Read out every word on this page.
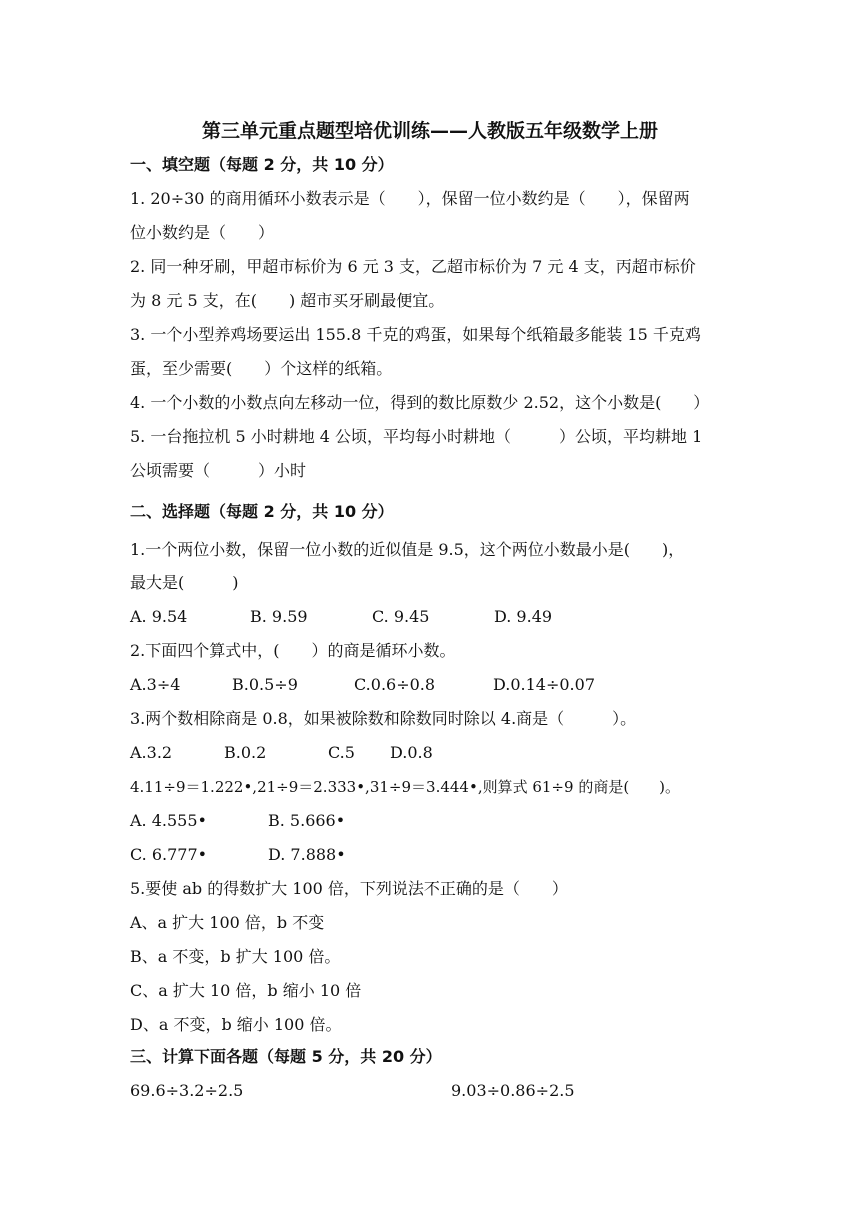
第三单元重点题型培优训练——人教版五年级数学上册
一、填空题（每题 2 分，共 10 分）
1. 20÷30 的商用循环小数表示是（　　），保留一位小数约是（　　），保留两
位小数约是（　　）
2. 同一种牙刷，甲超市标价为 6 元 3 支，乙超市标价为 7 元 4 支，丙超市标价
为 8 元 5 支，在(　　) 超市买牙刷最便宜。
3. 一个小型养鸡场要运出 155.8 千克的鸡蛋，如果每个纸箱最多能装 15 千克鸡
蛋，至少需要(　　）个这样的纸箱。
4. 一个小数的小数点向左移动一位，得到的数比原数少 2.52，这个小数是(　　）
5. 一台拖拉机 5 小时耕地 4 公顷，平均每小时耕地（　　　）公顷，平均耕地 1
公顷需要（　　　）小时
二、选择题（每题 2 分，共 10 分）
1.一个两位小数，保留一位小数的近似值是 9.5，这个两位小数最小是(　　)，
最大是(　　　)
A. 9.54	B. 9.59	C. 9.45	D. 9.49
2.下面四个算式中，(　　）的商是循环小数。
A.3÷4	B.0.5÷9	C.0.6÷0.8	D.0.14÷0.07
3.两个数相除商是 0.8，如果被除数和除数同时除以 4.商是（　　　）。
A.3.2	B.0.2	C.5 D.0.8
4.11÷9＝1.222•,21÷9＝2.333•,31÷9＝3.444•,则算式 61÷9 的商是(　　)。
A. 4.555•	B. 5.666•
C. 6.777•	D. 7.888•
5.要使 ab 的得数扩大 100 倍，下列说法不正确的是（　　）
A、a 扩大 100 倍，b 不变
B、a 不变，b 扩大 100 倍。
C、a 扩大 10 倍，b 缩小 10 倍
D、a 不变，b 缩小 100 倍。
三、计算下面各题（每题 5 分，共 20 分）
69.6÷3.2÷2.5	9.03÷0.86÷2.5
